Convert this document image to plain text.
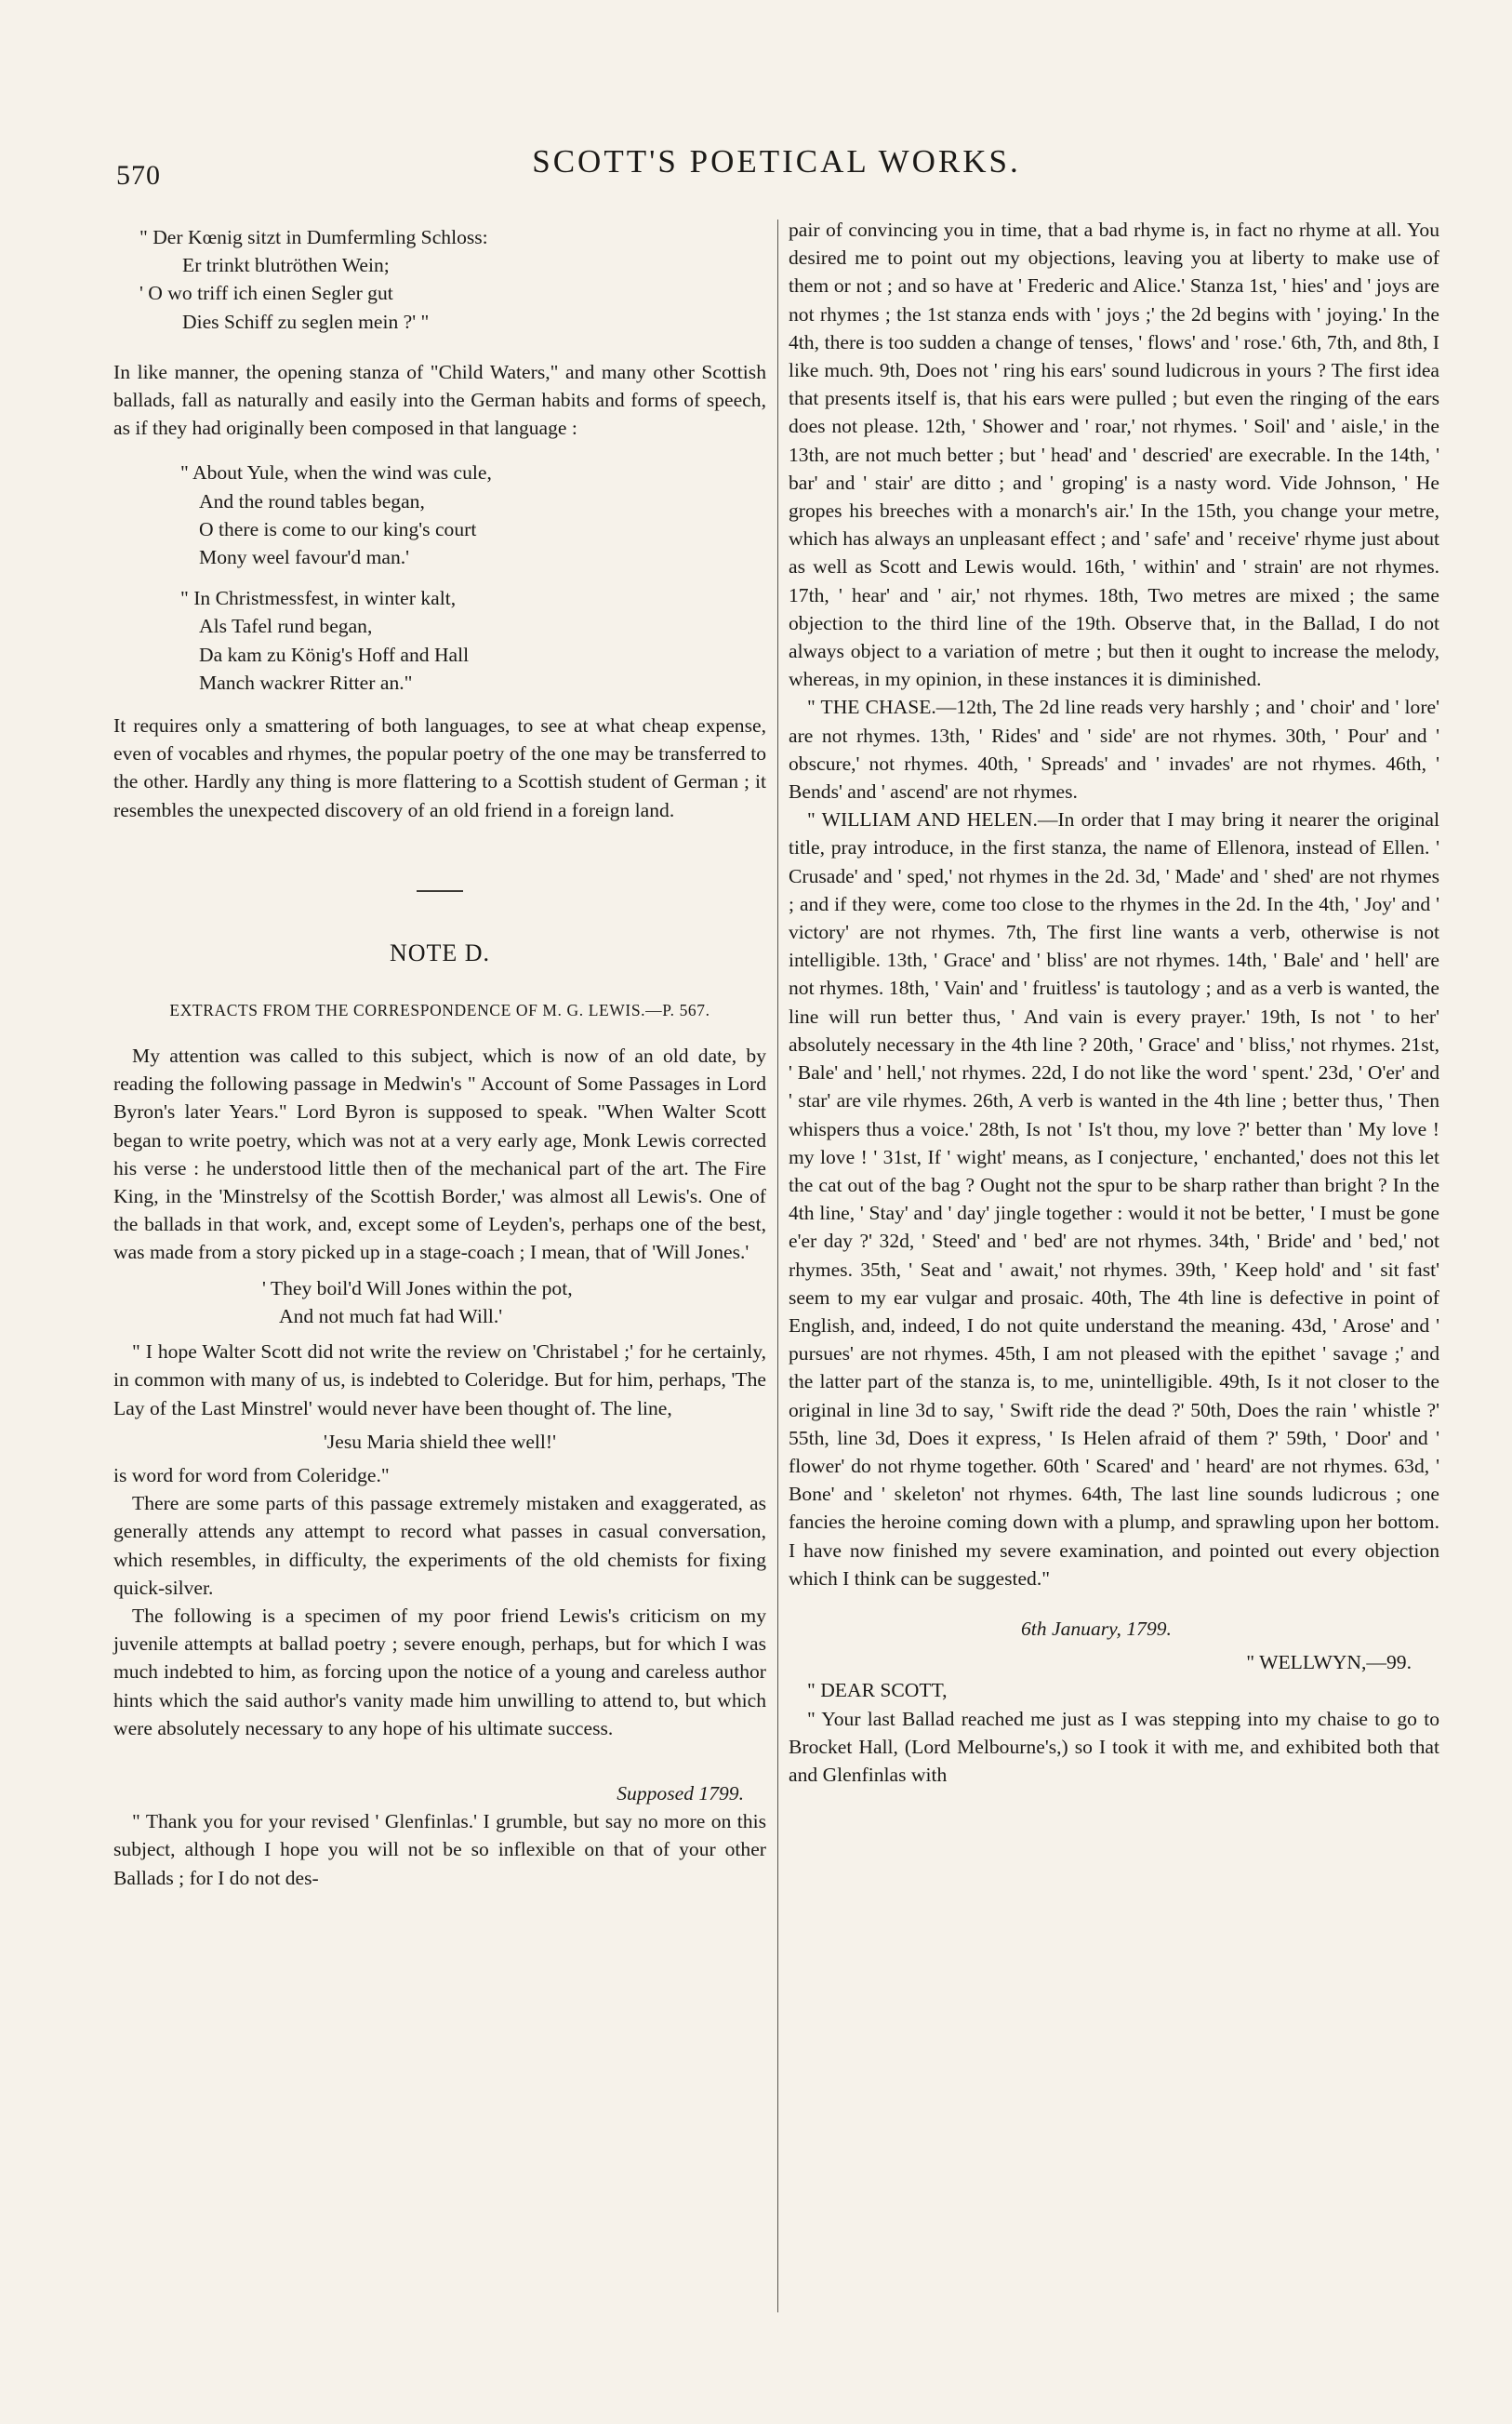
570	SCOTT'S POETICAL WORKS.

" Der Kœnig sitzt in Dumfermling Schloss:

Er trinkt blutröthen Wein;

' O wo triff ich einen Segler gut

Dies Schiff zu seglen mein ?' "

In like manner, the opening stanza of "Child Waters," and many other Scottish ballads, fall as naturally and easily into the German habits and forms of speech, as if they had originally been composed in that language :

" About Yule, when the wind was cule,

And the round tables began,

O there is come to our king's court

Mony weel favour'd man.'

" In Christmessfest, in winter kalt,

Als Tafel rund began,

Da kam zu König's Hoff and Hall

Manch wackrer Ritter an."

It requires only a smattering of both languages, to see at what cheap expense, even of vocables and rhymes, the popular poetry of the one may be transferred to the other. Hardly any thing is more flattering to a Scottish student of German ; it resembles the unexpected discovery of an old friend in a foreign land.

NOTE D.

EXTRACTS FROM THE CORRESPONDENCE OF M. G. LEWIS.—P. 567.

My attention was called to this subject, which is now of an old date, by reading the following passage in Medwin's " Account of Some Passages in Lord Byron's later Years." Lord Byron is supposed to speak. "When Walter Scott began to write poetry, which was not at a very early age, Monk Lewis corrected his verse : he understood little then of the mechanical part of the art. The Fire King, in the 'Minstrelsy of the Scottish Border,' was almost all Lewis's. One of the ballads in that work, and, except some of Leyden's, perhaps one of the best, was made from a story picked up in a stage-coach ; I mean, that of 'Will Jones.'

' They boil'd Will Jones within the pot,

And not much fat had Will.'

" I hope Walter Scott did not write the review on 'Christabel ;' for he certainly, in common with many of us, is indebted to Coleridge. But for him, perhaps, 'The Lay of the Last Minstrel' would never have been thought of. The line,

'Jesu Maria shield thee well!'

is word for word from Coleridge."

There are some parts of this passage extremely mistaken and exaggerated, as generally attends any attempt to record what passes in casual conversation, which resembles, in difficulty, the experiments of the old chemists for fixing quick-silver.

The following is a specimen of my poor friend Lewis's criticism on my juvenile attempts at ballad poetry ; severe enough, perhaps, but for which I was much indebted to him, as forcing upon the notice of a young and careless author hints which the said author's vanity made him unwilling to attend to, but which were absolutely necessary to any hope of his ultimate success.

Supposed 1799.

" Thank you for your revised ' Glenfinlas.' I grumble, but say no more on this subject, although I hope you will not be so inflexible on that of your other Ballads ; for I do not des-

pair of convincing you in time, that a bad rhyme is, in fact no rhyme at all. You desired me to point out my objections, leaving you at liberty to make use of them or not ; and so have at ' Frederic and Alice.' Stanza 1st, ' hies' and ' joys are not rhymes ; the 1st stanza ends with ' joys ;' the 2d begins with ' joying.' In the 4th, there is too sudden a change of tenses, ' flows' and ' rose.' 6th, 7th, and 8th, I like much. 9th, Does not ' ring his ears' sound ludicrous in yours ? The first idea that presents itself is, that his ears were pulled ; but even the ringing of the ears does not please. 12th, ' Shower and ' roar,' not rhymes. ' Soil' and ' aisle,' in the 13th, are not much better ; but ' head' and ' descried' are execrable. In the 14th, ' bar' and ' stair' are ditto ; and ' groping' is a nasty word. Vide Johnson, ' He gropes his breeches with a monarch's air.' In the 15th, you change your metre, which has always an unpleasant effect ; and ' safe' and ' receive' rhyme just about as well as Scott and Lewis would. 16th, ' within' and ' strain' are not rhymes. 17th, ' hear' and ' air,' not rhymes. 18th, Two metres are mixed ; the same objection to the third line of the 19th. Observe that, in the Ballad, I do not always object to a variation of metre ; but then it ought to increase the melody, whereas, in my opinion, in these instances it is diminished.

" THE CHASE.—12th, The 2d line reads very harshly ; and ' choir' and ' lore' are not rhymes. 13th, ' Rides' and ' side' are not rhymes. 30th, ' Pour' and ' obscure,' not rhymes. 40th, ' Spreads' and ' invades' are not rhymes. 46th, ' Bends' and ' ascend' are not rhymes.

" WILLIAM AND HELEN.—In order that I may bring it nearer the original title, pray introduce, in the first stanza, the name of Ellenora, instead of Ellen. ' Crusade' and ' sped,' not rhymes in the 2d. 3d, ' Made' and ' shed' are not rhymes ; and if they were, come too close to the rhymes in the 2d. In the 4th, ' Joy' and ' victory' are not rhymes. 7th, The first line wants a verb, otherwise is not intelligible. 13th, ' Grace' and ' bliss' are not rhymes. 14th, ' Bale' and ' hell' are not rhymes. 18th, ' Vain' and ' fruitless' is tautology ; and as a verb is wanted, the line will run better thus, ' And vain is every prayer.' 19th, Is not ' to her' absolutely necessary in the 4th line ? 20th, ' Grace' and ' bliss,' not rhymes. 21st, ' Bale' and ' hell,' not rhymes. 22d, I do not like the word ' spent.' 23d, ' O'er' and ' star' are vile rhymes. 26th, A verb is wanted in the 4th line ; better thus, ' Then whispers thus a voice.' 28th, Is not ' Is't thou, my love ?' better than ' My love ! my love ! ' 31st, If ' wight' means, as I conjecture, ' enchanted,' does not this let the cat out of the bag ? Ought not the spur to be sharp rather than bright ? In the 4th line, ' Stay' and ' day' jingle together : would it not be better, ' I must be gone e'er day ?' 32d, ' Steed' and ' bed' are not rhymes. 34th, ' Bride' and ' bed,' not rhymes. 35th, ' Seat and ' await,' not rhymes. 39th, ' Keep hold' and ' sit fast' seem to my ear vulgar and prosaic. 40th, The 4th line is defective in point of English, and, indeed, I do not quite understand the meaning. 43d, ' Arose' and ' pursues' are not rhymes. 45th, I am not pleased with the epithet ' savage ;' and the latter part of the stanza is, to me, unintelligible. 49th, Is it not closer to the original in line 3d to say, ' Swift ride the dead ?' 50th, Does the rain ' whistle ?' 55th, line 3d, Does it express, ' Is Helen afraid of them ?' 59th, ' Door' and ' flower' do not rhyme together. 60th ' Scared' and ' heard' are not rhymes. 63d, ' Bone' and ' skeleton' not rhymes. 64th, The last line sounds ludicrous ; one fancies the heroine coming down with a plump, and sprawling upon her bottom. I have now finished my severe examination, and pointed out every objection which I think can be suggested."

6th January, 1799.

" WELLWYN,—99.

" DEAR SCOTT,

" Your last Ballad reached me just as I was stepping into my chaise to go to Brocket Hall, (Lord Melbourne's,) so I took it with me, and exhibited both that and Glenfinlas with
